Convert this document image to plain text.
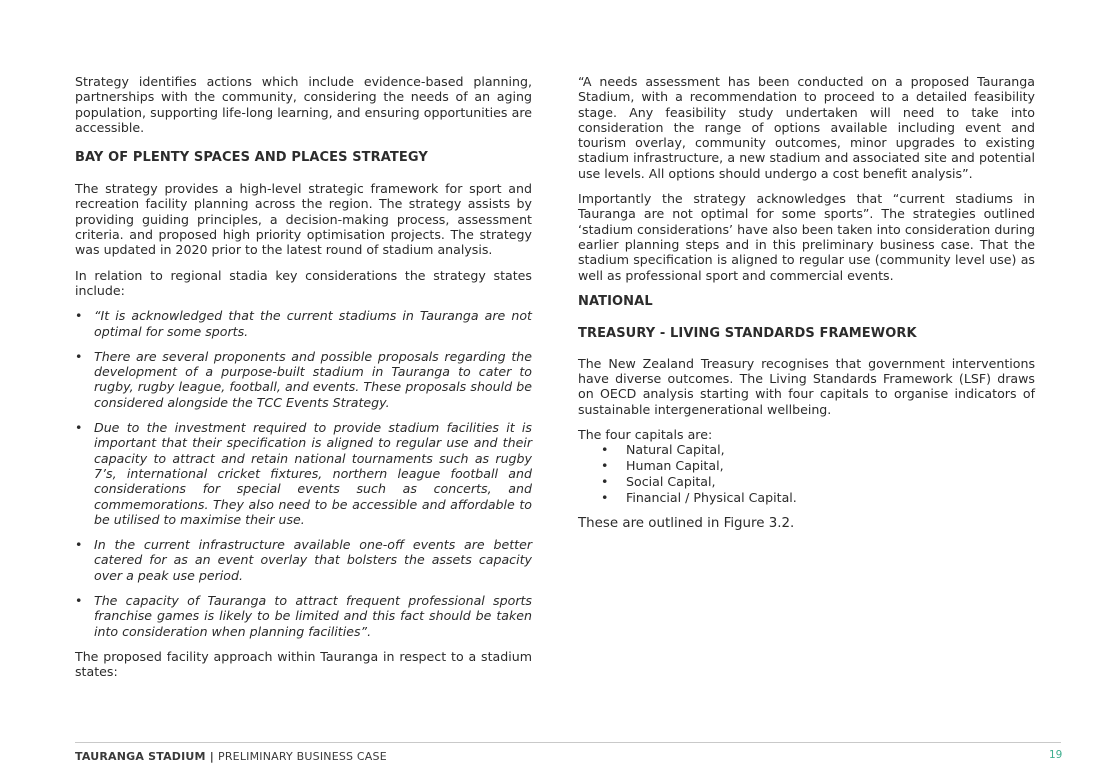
Strategy identifies actions which include evidence-based planning, partnerships with the community, considering the needs of an aging population, supporting life-long learning, and ensuring opportunities are accessible.

BAY OF PLENTY SPACES AND PLACES STRATEGY

The strategy provides a high-level strategic framework for sport and recreation facility planning across the region. The strategy assists by providing guiding principles, a decision-making process, assessment criteria. and proposed high priority optimisation projects. The strategy was updated in 2020 prior to the latest round of stadium analysis.

In relation to regional stadia key considerations the strategy states include:

• “It is acknowledged that the current stadiums in Tauranga are not optimal for some sports.
• There are several proponents and possible proposals regarding the development of a purpose-built stadium in Tauranga to cater to rugby, rugby league, football, and events. These proposals should be considered alongside the TCC Events Strategy.
• Due to the investment required to provide stadium facilities it is important that their specification is aligned to regular use and their capacity to attract and retain national tournaments such as rugby 7’s, international cricket fixtures, northern league football and considerations for special events such as concerts, and commemorations. They also need to be accessible and affordable to be utilised to maximise their use.
• In the current infrastructure available one-off events are better catered for as an event overlay that bolsters the assets capacity over a peak use period.
• The capacity of Tauranga to attract frequent professional sports franchise games is likely to be limited and this fact should be taken into consideration when planning facilities”.

The proposed facility approach within Tauranga in respect to a stadium states:

“A needs assessment has been conducted on a proposed Tauranga Stadium, with a recommendation to proceed to a detailed feasibility stage. Any feasibility study undertaken will need to take into consideration the range of options available including event and tourism overlay, community outcomes, minor upgrades to existing stadium infrastructure, a new stadium and associated site and potential use levels. All options should undergo a cost benefit analysis”.

Importantly the strategy acknowledges that “current stadiums in Tauranga are not optimal for some sports”. The strategies outlined ‘stadium considerations’ have also been taken into consideration during earlier planning steps and in this preliminary business case. That the stadium specification is aligned to regular use (community level use) as well as professional sport and commercial events.

NATIONAL
TREASURY - LIVING STANDARDS FRAMEWORK

The New Zealand Treasury recognises that government interventions have diverse outcomes. The Living Standards Framework (LSF) draws on OECD analysis starting with four capitals to organise indicators of sustainable intergenerational wellbeing.

The four capitals are:

• Natural Capital,
• Human Capital,
• Social Capital,
• Financial / Physical Capital.

These are outlined in Figure 3.2.

TAURANGA STADIUM | PRELIMINARY BUSINESS CASE	19
